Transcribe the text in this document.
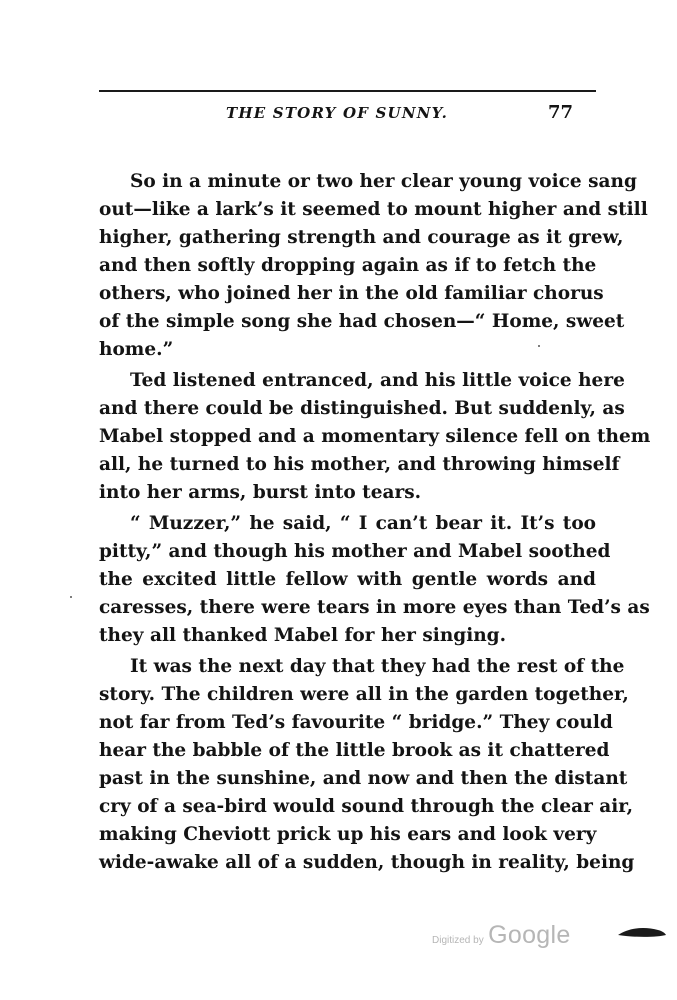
THE STORY OF SUNNY.	77
So in a minute or two her clear young voice sang
out—like a lark’s it seemed to mount higher and still
higher, gathering strength and courage as it grew,
and then softly dropping again as if to fetch the
others, who joined her in the old familiar chorus
of the simple song she had chosen—“ Home, sweet
home.”
Ted listened entranced, and his little voice here
and there could be distinguished. But suddenly, as
Mabel stopped and a momentary silence fell on them
all, he turned to his mother, and throwing himself
into her arms, burst into tears.
“ Muzzer,” he said, “ I can’t bear it. It’s too
pitty,” and though his mother and Mabel soothed
the excited little fellow with gentle words and
caresses, there were tears in more eyes than Ted’s as
they all thanked Mabel for her singing.
It was the next day that they had the rest of the
story. The children were all in the garden together,
not far from Ted’s favourite “ bridge.” They could
hear the babble of the little brook as it chattered
past in the sunshine, and now and then the distant
cry of a sea-bird would sound through the clear air,
making Cheviott prick up his ears and look very
wide-awake all of a sudden, though in reality, being
Digitized by Google
